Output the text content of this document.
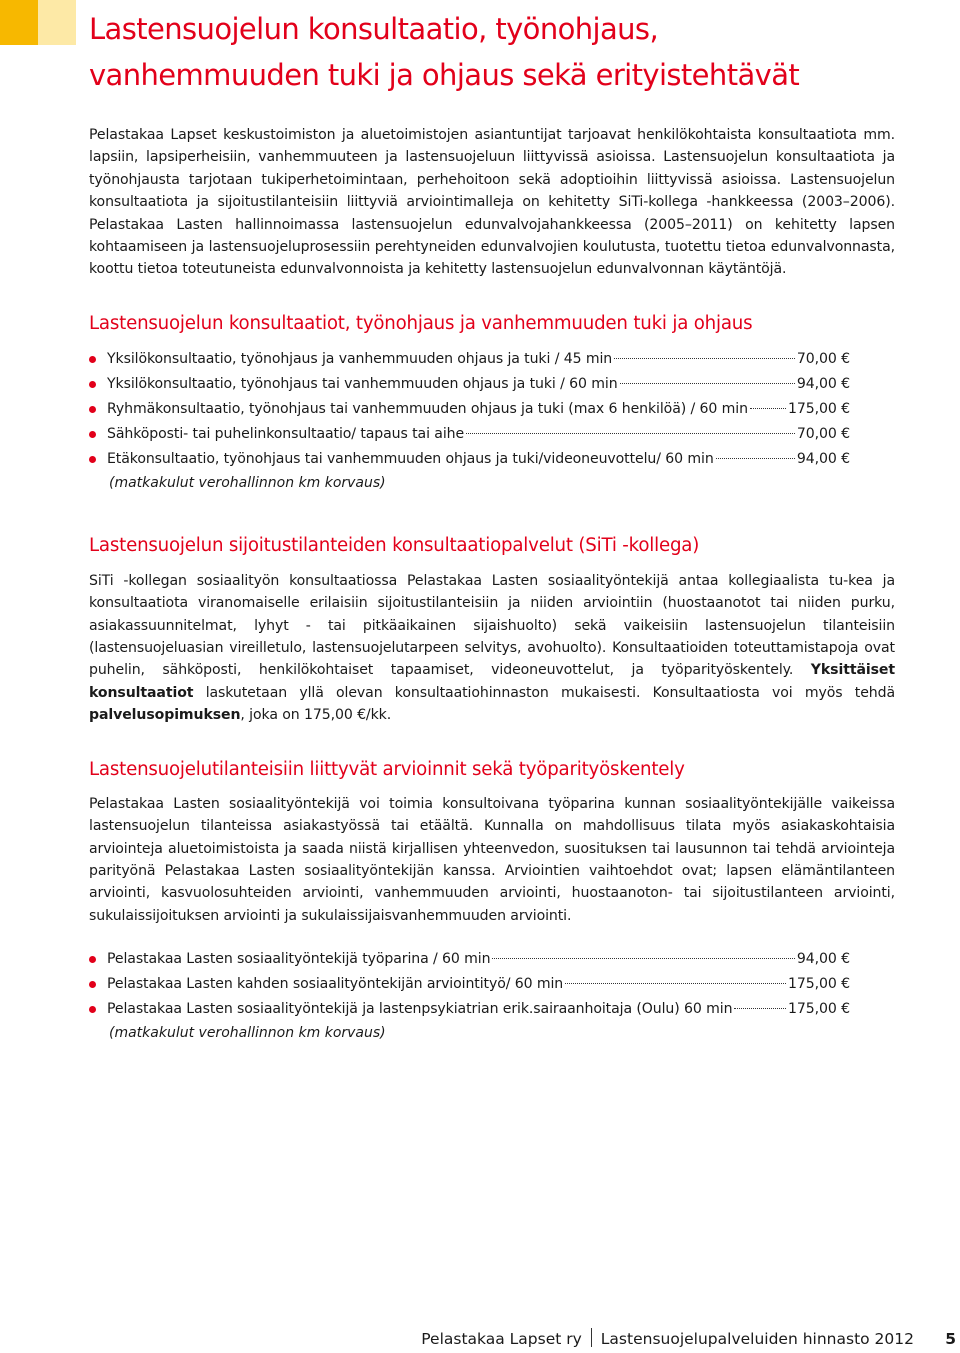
Lastensuojelun konsultaatio, työnohjaus,
vanhemmuuden tuki ja ohjaus sekä erityistehtävät

Pelastakaa Lapset keskustoimiston ja aluetoimistojen asiantuntijat tarjoavat henkilökohtaista konsultaatiota mm. lapsiin, lapsiperheisiin, vanhemmuuteen ja lastensuojeluun liittyvissä asioissa. Lastensuojelun konsultaatiota ja työnohjausta tarjotaan tukiperhetoimintaan, perhehoitoon sekä adoptioihin liittyvissä asioissa. Lastensuojelun konsultaatiota ja sijoitustilanteisiin liittyviä arviointimalleja on kehitetty SiTi-kollega -hankkeessa (2003–2006). Pelastakaa Lasten hallinnoimassa lastensuojelun edunvalvojahankkeessa (2005–2011) on kehitetty lapsen kohtaamiseen ja lastensuojeluprosessiin perehtyneiden edunvalvojien koulutusta, tuotettu tietoa edunvalvonnasta, koottu tietoa toteutuneista edunvalvonnoista ja kehitetty lastensuojelun edunvalvonnan käytäntöjä.

Lastensuojelun konsultaatiot, työnohjaus ja vanhemmuuden tuki ja ohjaus
Yksilökonsultaatio, työnohjaus ja vanhemmuuden ohjaus ja tuki / 45 min	70,00 €
Yksilökonsultaatio, työnohjaus tai vanhemmuuden ohjaus ja tuki / 60 min	94,00 €
Ryhmäkonsultaatio, työnohjaus tai vanhemmuuden ohjaus ja tuki (max 6 henkilöä) / 60 min	175,00 €
Sähköposti- tai puhelinkonsultaatio/ tapaus tai aihe	70,00 €
Etäkonsultaatio, työnohjaus tai vanhemmuuden ohjaus ja tuki/videoneuvottelu/ 60 min	94,00 €
(matkakulut verohallinnon km korvaus)
Lastensuojelun sijoitustilanteiden konsultaatiopalvelut (SiTi -kollega)

SiTi -kollegan sosiaalityön konsultaatiossa Pelastakaa Lasten sosiaalityöntekijä antaa kollegiaalista tu-kea ja konsultaatiota viranomaiselle erilaisiin sijoitustilanteisiin ja niiden arviointiin (huostaanotot tai niiden purku, asiakassuunnitelmat, lyhyt - tai pitkäaikainen sijaishuolto) sekä vaikeisiin lastensuojelun tilanteisiin (lastensuojeluasian vireilletulo, lastensuojelutarpeen selvitys, avohuolto). Konsultaatioiden toteuttamistapoja ovat puhelin, sähköposti, henkilökohtaiset tapaamiset, videoneuvottelut, ja työparityöskentely. Yksittäiset konsultaatiot laskutetaan yllä olevan konsultaatiohinnaston mukaisesti. Konsultaatiosta voi myös tehdä palvelusopimuksen, joka on 175,00 €/kk.

Lastensuojelutilanteisiin liittyvät arvioinnit sekä työparityöskentely

Pelastakaa Lasten sosiaalityöntekijä voi toimia konsultoivana työparina kunnan sosiaalityöntekijälle vaikeissa lastensuojelun tilanteissa asiakastyössä tai etäältä. Kunnalla on mahdollisuus tilata myös asiakaskohtaisia arviointeja aluetoimistoista ja saada niistä kirjallisen yhteenvedon, suosituksen tai lausunnon tai tehdä arviointeja parityönä Pelastakaa Lasten sosiaalityöntekijän kanssa. Arviointien vaihtoehdot ovat; lapsen elämäntilanteen arviointi, kasvuolosuhteiden arviointi, vanhemmuuden arviointi, huostaanoton- tai sijoitustilanteen arviointi, sukulaissijoituksen arviointi ja sukulaissijaisvanhemmuuden arviointi.

Pelastakaa Lasten sosiaalityöntekijä työparina / 60 min	94,00 €
Pelastakaa Lasten kahden sosiaalityöntekijän arviointityö/ 60 min	175,00 €
Pelastakaa Lasten sosiaalityöntekijä ja lastenpsykiatrian erik.sairaanhoitaja (Oulu) 60 min	175,00 €
(matkakulut verohallinnon km korvaus)
Pelastakaa Lapset ry Lastensuojelupalveluiden hinnasto 2012 5
